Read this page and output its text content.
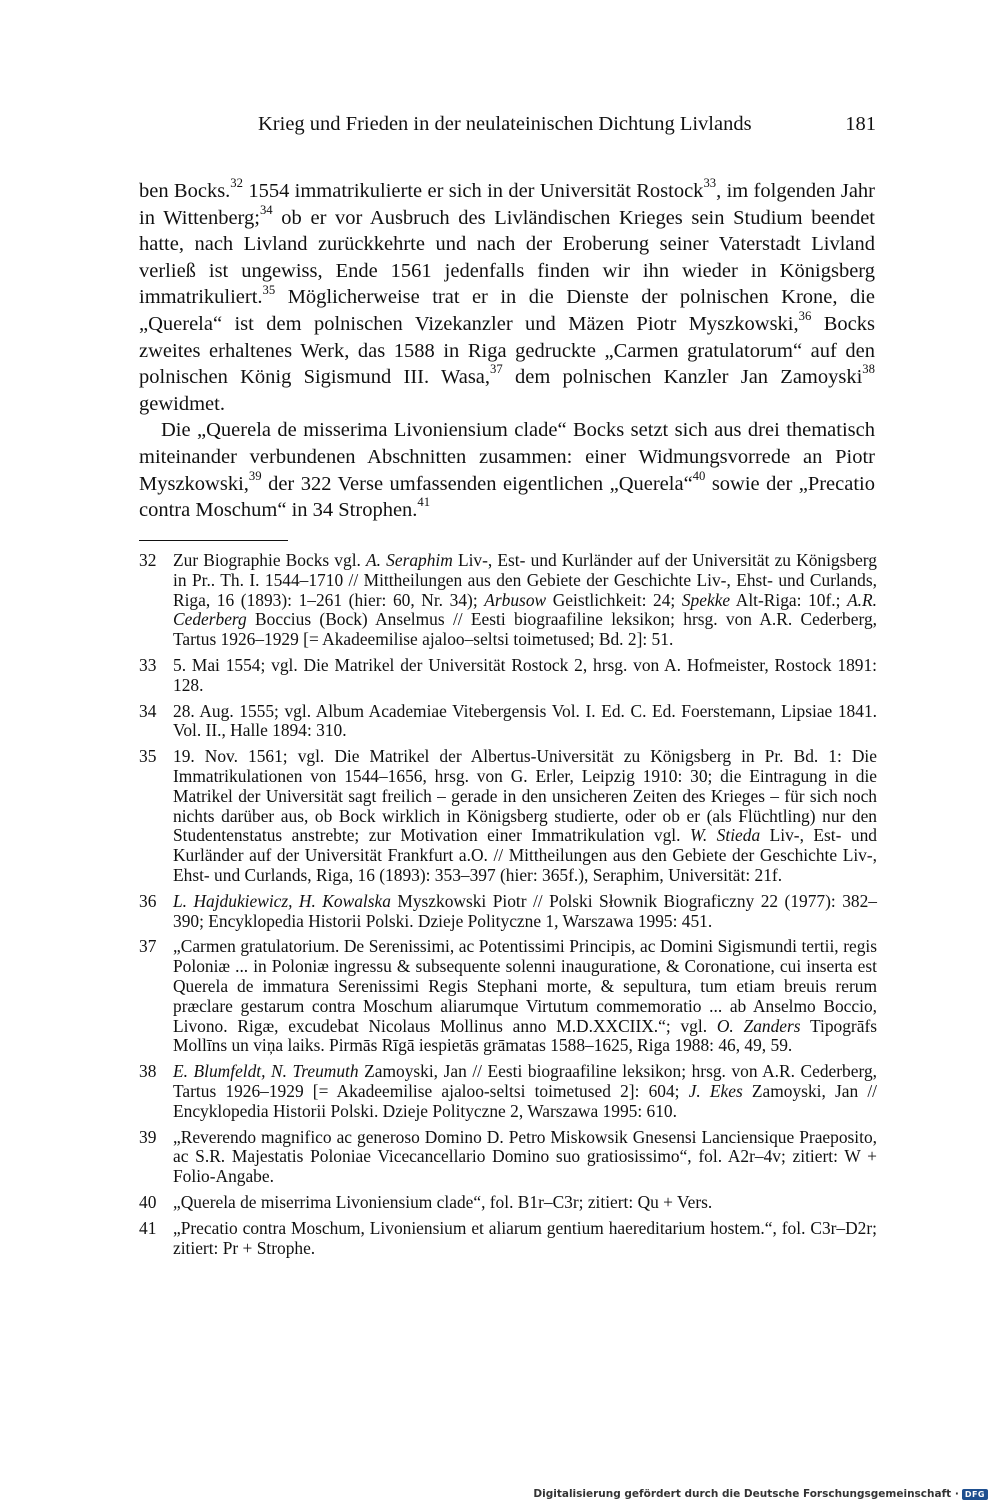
Krieg und Frieden in der neulateinischen Dichtung Livlands	181

ben Bocks.$^{32}$ 1554 immatrikulierte er sich in der Universität Rostock$^{33}$, im folgenden Jahr in Wittenberg;$^{34}$ ob er vor Ausbruch des Livländischen Krieges sein Studium beendet hatte, nach Livland zurückkehrte und nach der Eroberung seiner Vaterstadt Livland verließ ist ungewiss, Ende 1561 jedenfalls finden wir ihn wieder in Königsberg immatrikuliert.$^{35}$ Möglicherweise trat er in die Dienste der polnischen Krone, die „Querela“ ist dem polnischen Vizekanzler und Mäzen Piotr Myszkowski,$^{36}$ Bocks zweites erhaltenes Werk, das 1588 in Riga gedruckte „Carmen gratulatorum“ auf den polnischen König Sigismund III. Wasa,$^{37}$ dem polnischen Kanzler Jan Zamoyski$^{38}$ gewidmet.

Die „Querela de misserima Livoniensium clade“ Bocks setzt sich aus drei thematisch miteinander verbundenen Abschnitten zusammen: einer Widmungsvorrede an Piotr Myszkowski,$^{39}$ der 322 Verse umfassenden eigentlichen „Querela“$^{40}$ sowie der „Precatio contra Moschum“ in 34 Strophen.$^{41}$

32 Zur Biographie Bocks vgl. A. Seraphim Liv-, Est- und Kurländer auf der Universität zu Königsberg in Pr.. Th. I. 1544–1710 // Mittheilungen aus den Gebiete der Geschichte Liv-, Ehst- und Curlands, Riga, 16 (1893): 1–261 (hier: 60, Nr. 34); Arbusow Geistlichkeit: 24; Spekke Alt-Riga: 10f.; A.R. Cederberg Boccius (Bock) Anselmus // Eesti biograafiline leksikon; hrsg. von A.R. Cederberg, Tartus 1926–1929 [= Akadeemilise ajaloo–seltsi toimetused; Bd. 2]: 51.
33 5. Mai 1554; vgl. Die Matrikel der Universität Rostock 2, hrsg. von A. Hofmeister, Rostock 1891: 128.
34 28. Aug. 1555; vgl. Album Academiae Vitebergensis Vol. I. Ed. C. Ed. Foerstemann, Lipsiae 1841. Vol. II., Halle 1894: 310.
35 19. Nov. 1561; vgl. Die Matrikel der Albertus-Universität zu Königsberg in Pr. Bd. 1: Die Immatrikulationen von 1544–1656, hrsg. von G. Erler, Leipzig 1910: 30; die Eintragung in die Matrikel der Universität sagt freilich – gerade in den unsicheren Zeiten des Krieges – für sich noch nichts darüber aus, ob Bock wirklich in Königsberg studierte, oder ob er (als Flüchtling) nur den Studentenstatus anstrebte; zur Motivation einer Immatrikulation vgl. W. Stieda Liv-, Est- und Kurländer auf der Universität Frankfurt a.O. // Mittheilungen aus den Gebiete der Geschichte Liv-, Ehst- und Curlands, Riga, 16 (1893): 353–397 (hier: 365f.), Seraphim, Universität: 21f.
36 L. Hajdukiewicz, H. Kowalska Myszkowski Piotr // Polski Słownik Biograficzny 22 (1977): 382–390; Encyklopedia Historii Polski. Dzieje Polityczne 1, Warszawa 1995: 451.
37 „Carmen gratulatorium. De Serenissimi, ac Potentissimi Principis, ac Domini Sigismundi tertii, regis Poloniæ ... in Poloniæ ingressu & subsequente solenni inauguratione, & Coronatione, cui inserta est Querela de immatura Serenissimi Regis Stephani morte, & sepultura, tum etiam breuis rerum præclare gestarum contra Moschum aliarumque Virtutum commemoratio ... ab Anselmo Boccio, Livono. Rigæ, excudebat Nicolaus Mollinus anno M.D.XXCIIX.“; vgl. O. Zanders Tipogrāfs Mollīns un viņa laiks. Pirmās Rīgā iespietās grāmatas 1588–1625, Riga 1988: 46, 49, 59.
38 E. Blumfeldt, N. Treumuth Zamoyski, Jan // Eesti biograafiline leksikon; hrsg. von A.R. Cederberg, Tartus 1926–1929 [= Akadeemilise ajaloo-seltsi toimetused 2]: 604; J. Ekes Zamoyski, Jan // Encyklopedia Historii Polski. Dzieje Polityczne 2, Warszawa 1995: 610.
39 „Reverendo magnifico ac generoso Domino D. Petro Miskowsik Gnesensi Lanciensique Praeposito, ac S.R. Majestatis Poloniae Vicecancellario Domino suo gratiosissimo“, fol. A2r–4v; zitiert: W + Folio-Angabe.
40 „Querela de miserrima Livoniensium clade“, fol. B1r–C3r; zitiert: Qu + Vers.
41 „Precatio contra Moschum, Livoniensium et aliarum gentium haereditarium hostem.“, fol. C3r–D2r; zitiert: Pr + Strophe.
Digitalisierung gefördert durch die Deutsche Forschungsgemeinschaft · DFG
